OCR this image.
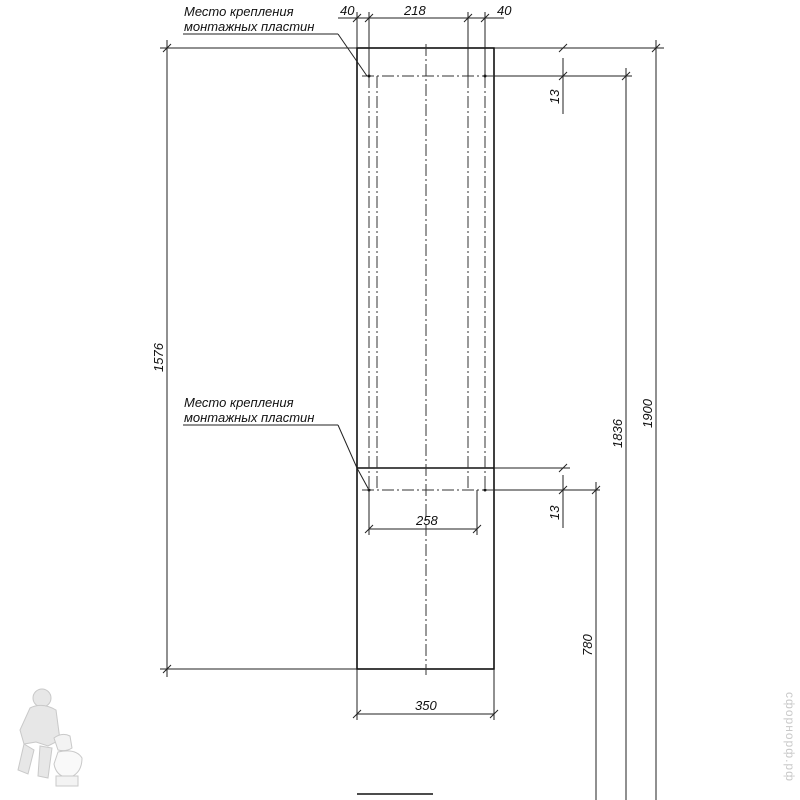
Место крепления
монтажных пластин
Место крепления
монтажных пластин
40	218	40
258
350
13
13
1576
1836
1900
780
сфорнорф.рф
